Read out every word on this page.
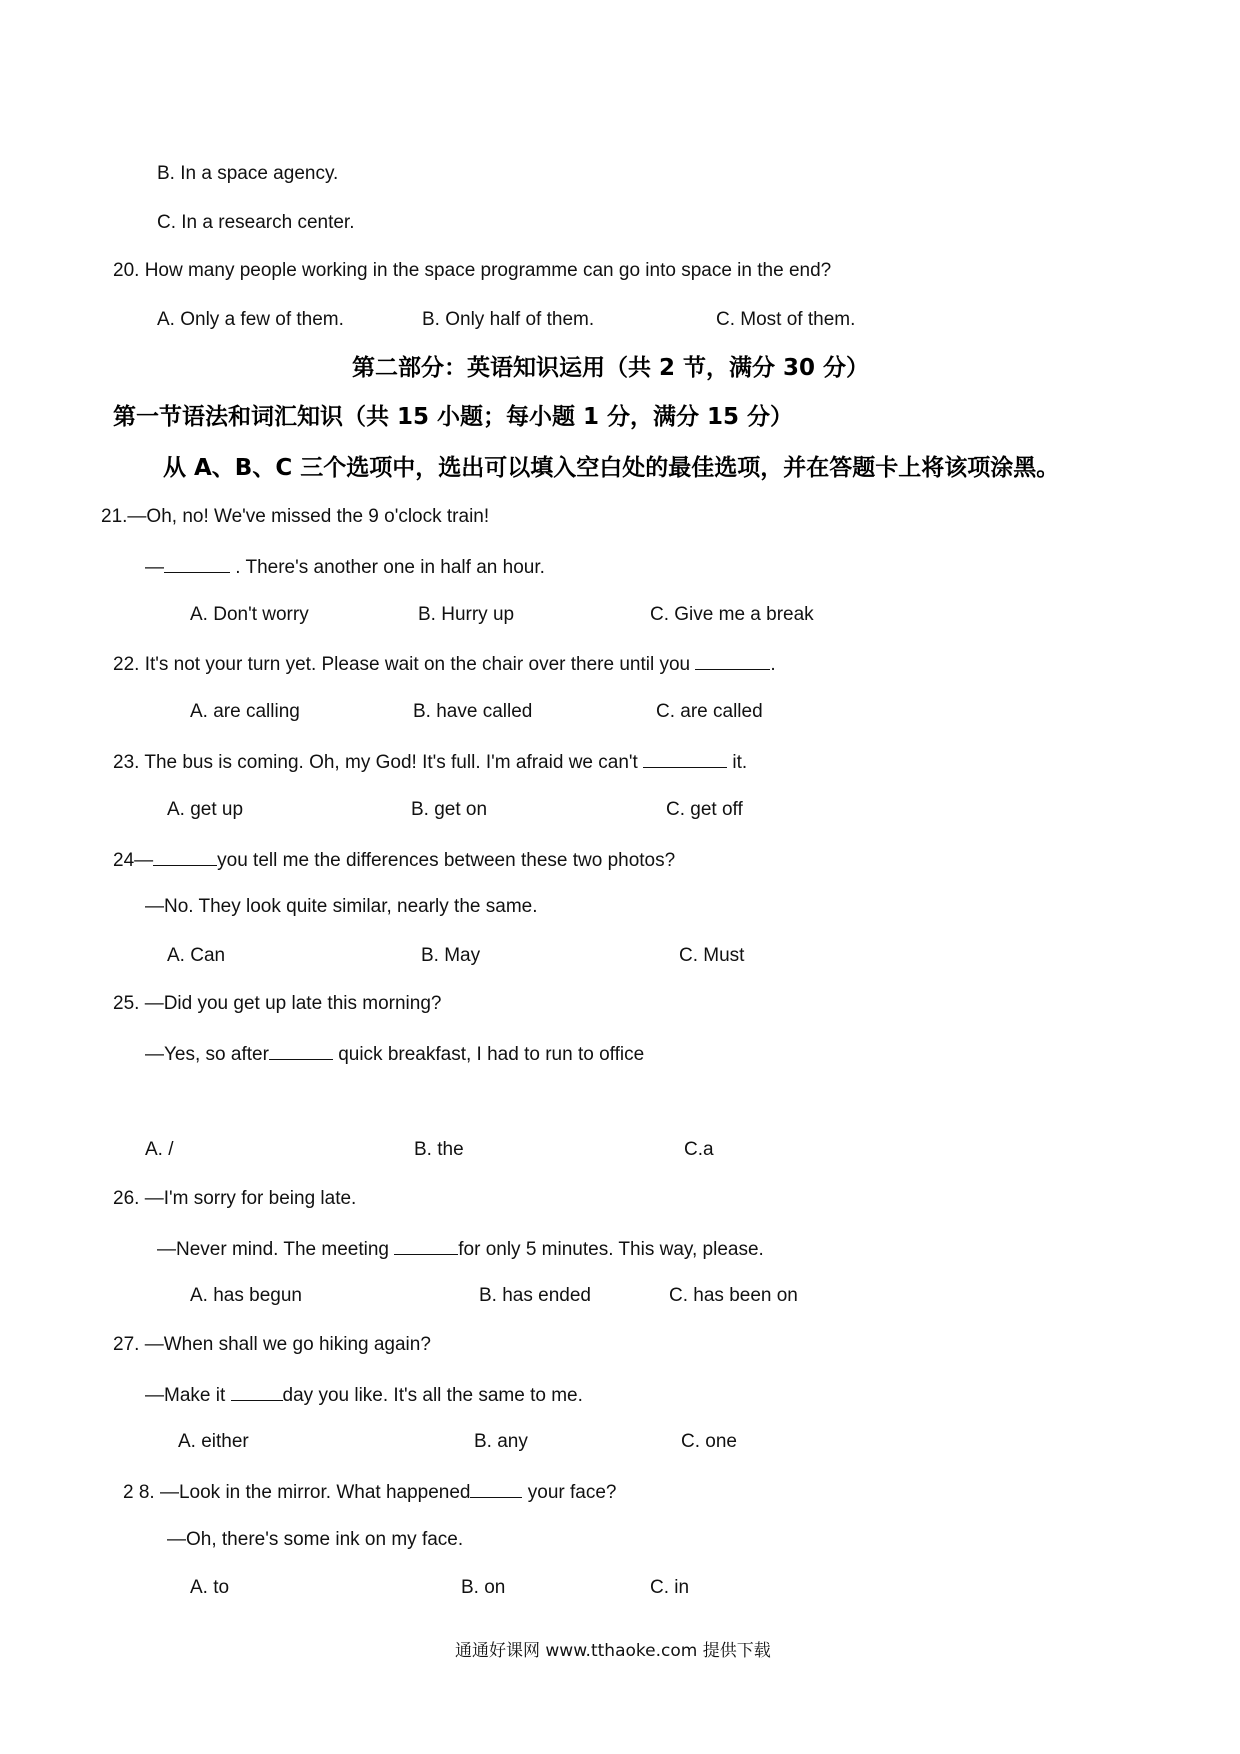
B. In a space agency.
C. In a research center.
20. How many people working in the space programme can go into space in the end?
A. Only a few of them.	B. Only half of them.	C. Most of them.
第二部分：英语知识运用（共 2 节，满分 30 分）
第一节语法和词汇知识（共 15 小题；每小题 1 分，满分 15 分）
从 A、B、C 三个选项中，选出可以填入空白处的最佳选项，并在答题卡上将该项涂黑。
21.—Oh, no! We've missed the 9 o'clock train!
—	. There's another one in half an hour.
A. Don't worry	B. Hurry up	C. Give me a break
22. It's not your turn yet. Please wait on the chair over there until you	.
A. are calling	B. have called	C. are called
23. The bus is coming. Oh, my God! It's full. I'm afraid we can't	it.
A. get up	B. get on	C. get off
24—	you tell me the differences between these two photos?
—No. They look quite similar, nearly the same.
A. Can	B. May	C. Must
25. —Did you get up late this morning?
—Yes, so after	quick breakfast, I had to run to office
A. /	B. the	C.a
26. —I'm sorry for being late.
—Never mind. The meeting	for only 5 minutes. This way, please.
A. has begun	B. has ended	C. has been on
27. —When shall we go hiking again?
—Make it	day you like. It's all the same to me.
A. either	B. any	C. one
2 8. —Look in the mirror. What happened	your face?
—Oh, there's some ink on my face.
A. to	B. on	C. in
通通好课网 www.tthaoke.com 提供下载
